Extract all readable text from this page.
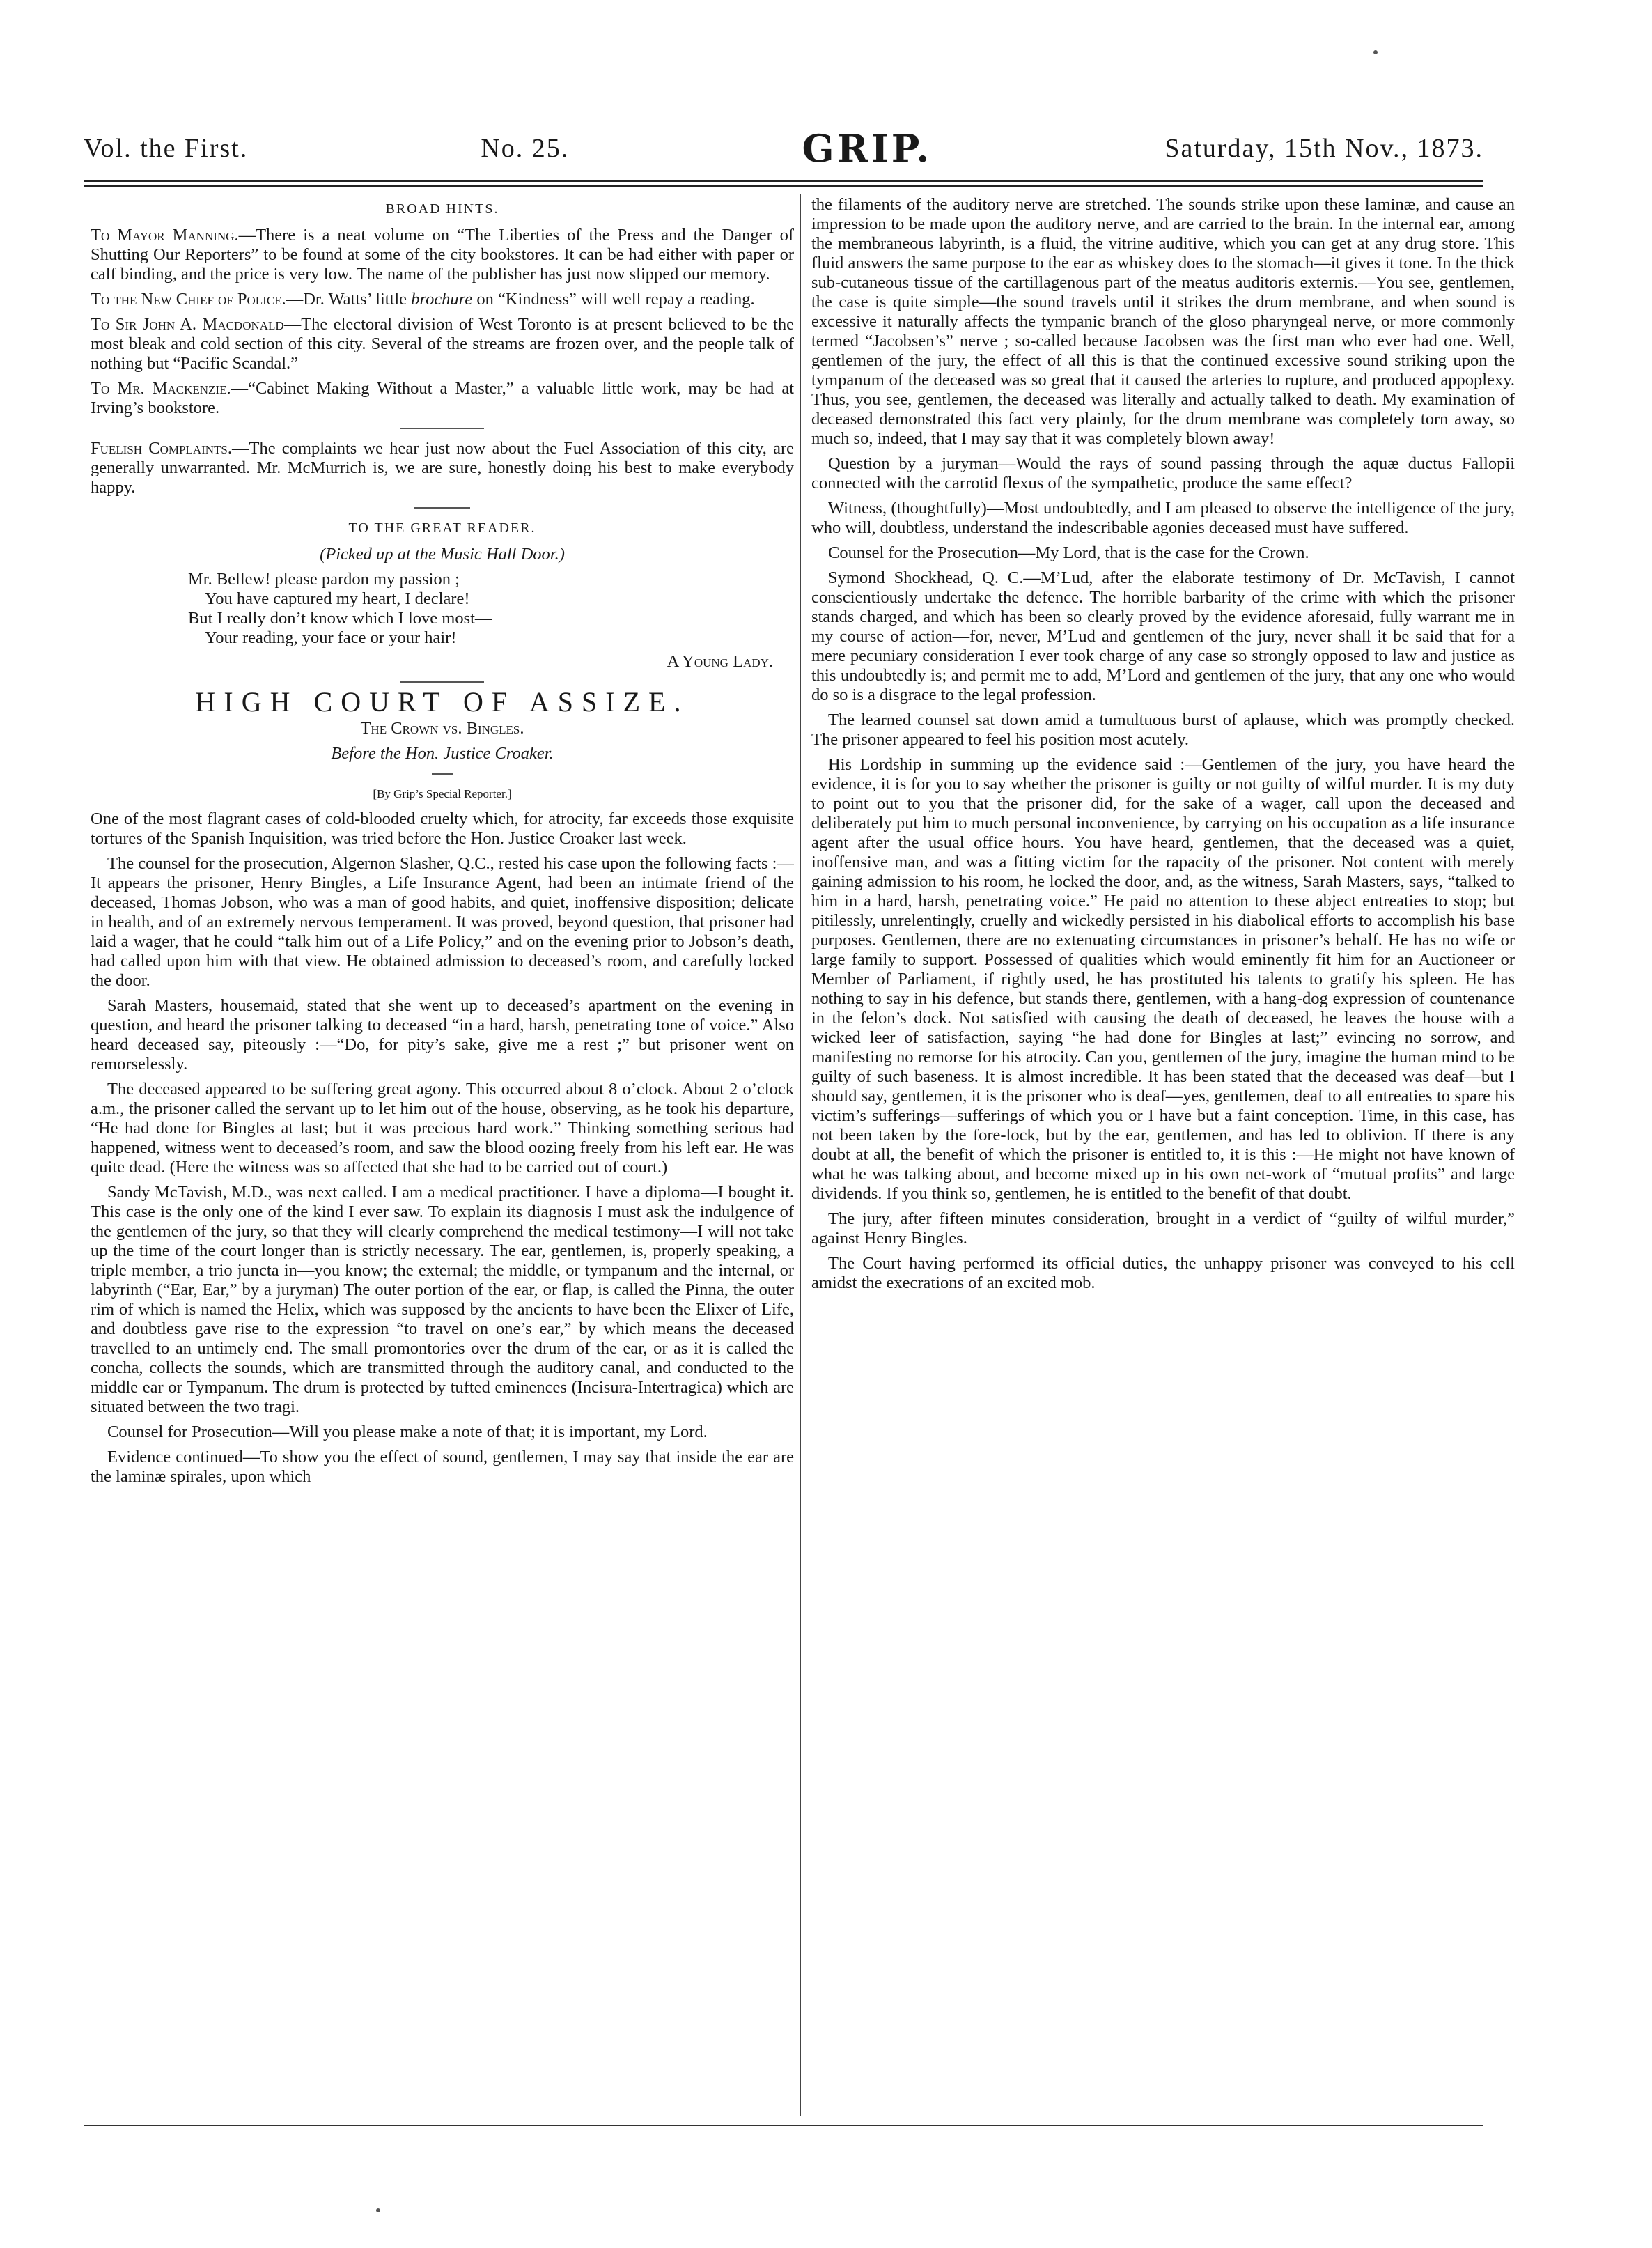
Vol. the First.	No. 25.	GRIP.	Saturday, 15th Nov., 1873.
BROAD HINTS.

To Mayor Manning.—There is a neat volume on “The Liberties of the Press and the Danger of Shutting Our Reporters” to be found at some of the city bookstores. It can be had either with paper or calf binding, and the price is very low. The name of the publisher has just now slipped our memory.

To the New Chief of Police.—Dr. Watts’ little brochure on “Kindness” will well repay a reading.

To Sir John A. Macdonald—The electoral division of West Toronto is at present believed to be the most bleak and cold section of this city. Several of the streams are frozen over, and the people talk of nothing but “Pacific Scandal.”

To Mr. Mackenzie.—“Cabinet Making Without a Master,” a valuable little work, may be had at Irving’s bookstore.

Fuelish Complaints.—The complaints we hear just now about the Fuel Association of this city, are generally unwarranted. Mr. McMurrich is, we are sure, honestly doing his best to make everybody happy.

TO THE GREAT READER.

(Picked up at the Music Hall Door.)

Mr. Bellew! please pardon my passion ;

You have captured my heart, I declare!

But I really don’t know which I love most—

Your reading, your face or your hair!

A Young Lady.

HIGH COURT OF ASSIZE.

The Crown vs. Bingles.

Before the Hon. Justice Croaker.

[By Grip’s Special Reporter.]

One of the most flagrant cases of cold-blooded cruelty which, for atrocity, far exceeds those exquisite tortures of the Spanish Inquisition, was tried before the Hon. Justice Croaker last week.

The counsel for the prosecution, Algernon Slasher, Q.C., rested his case upon the following facts :—It appears the prisoner, Henry Bingles, a Life Insurance Agent, had been an intimate friend of the deceased, Thomas Jobson, who was a man of good habits, and quiet, inoffensive disposition; delicate in health, and of an extremely nervous temperament. It was proved, beyond question, that prisoner had laid a wager, that he could “talk him out of a Life Policy,” and on the evening prior to Jobson’s death, had called upon him with that view. He obtained admission to deceased’s room, and carefully locked the door.

Sarah Masters, housemaid, stated that she went up to deceased’s apartment on the evening in question, and heard the prisoner talking to deceased “in a hard, harsh, penetrating tone of voice.” Also heard deceased say, piteously :—“Do, for pity’s sake, give me a rest ;” but prisoner went on remorselessly.

The deceased appeared to be suffering great agony. This occurred about 8 o’clock. About 2 o’clock a.m., the prisoner called the servant up to let him out of the house, observing, as he took his departure, “He had done for Bingles at last; but it was precious hard work.” Thinking something serious had happened, witness went to deceased’s room, and saw the blood oozing freely from his left ear. He was quite dead. (Here the witness was so affected that she had to be carried out of court.)

Sandy McTavish, M.D., was next called. I am a medical practitioner. I have a diploma—I bought it. This case is the only one of the kind I ever saw. To explain its diagnosis I must ask the indulgence of the gentlemen of the jury, so that they will clearly comprehend the medical testimony—I will not take up the time of the court longer than is strictly necessary. The ear, gentlemen, is, properly speaking, a triple member, a trio juncta in—you know; the external; the middle, or tympanum and the internal, or labyrinth (“Ear, Ear,” by a juryman) The outer portion of the ear, or flap, is called the Pinna, the outer rim of which is named the Helix, which was supposed by the ancients to have been the Elixer of Life, and doubtless gave rise to the expression “to travel on one’s ear,” by which means the deceased travelled to an untimely end. The small promontories over the drum of the ear, or as it is called the concha, collects the sounds, which are transmitted through the auditory canal, and conducted to the middle ear or Tympanum. The drum is protected by tufted eminences (Incisura-Intertragica) which are situated between the two tragi.

Counsel for Prosecution—Will you please make a note of that; it is important, my Lord.

Evidence continued—To show you the effect of sound, gentlemen, I may say that inside the ear are the laminæ spirales, upon which

the filaments of the auditory nerve are stretched. The sounds strike upon these laminæ, and cause an impression to be made upon the auditory nerve, and are carried to the brain. In the internal ear, among the membraneous labyrinth, is a fluid, the vitrine auditive, which you can get at any drug store. This fluid answers the same purpose to the ear as whiskey does to the stomach—it gives it tone. In the thick sub-cutaneous tissue of the cartillagenous part of the meatus auditoris externis.—You see, gentlemen, the case is quite simple—the sound travels until it strikes the drum membrane, and when sound is excessive it naturally affects the tympanic branch of the gloso pharyngeal nerve, or more commonly termed “Jacobsen’s” nerve ; so-called because Jacobsen was the first man who ever had one. Well, gentlemen of the jury, the effect of all this is that the continued excessive sound striking upon the tympanum of the deceased was so great that it caused the arteries to rupture, and produced appoplexy. Thus, you see, gentlemen, the deceased was literally and actually talked to death. My examination of deceased demonstrated this fact very plainly, for the drum membrane was completely torn away, so much so, indeed, that I may say that it was completely blown away!

Question by a juryman—Would the rays of sound passing through the aquæ ductus Fallopii connected with the carrotid flexus of the sympathetic, produce the same effect?

Witness, (thoughtfully)—Most undoubtedly, and I am pleased to observe the intelligence of the jury, who will, doubtless, understand the indescribable agonies deceased must have suffered.

Counsel for the Prosecution—My Lord, that is the case for the Crown.

Symond Shockhead, Q. C.—M’Lud, after the elaborate testimony of Dr. McTavish, I cannot conscientiously undertake the defence. The horrible barbarity of the crime with which the prisoner stands charged, and which has been so clearly proved by the evidence aforesaid, fully warrant me in my course of action—for, never, M’Lud and gentlemen of the jury, never shall it be said that for a mere pecuniary consideration I ever took charge of any case so strongly opposed to law and justice as this undoubtedly is; and permit me to add, M’Lord and gentlemen of the jury, that any one who would do so is a disgrace to the legal profession.

The learned counsel sat down amid a tumultuous burst of aplause, which was promptly checked. The prisoner appeared to feel his position most acutely.

His Lordship in summing up the evidence said :—Gentlemen of the jury, you have heard the evidence, it is for you to say whether the prisoner is guilty or not guilty of wilful murder. It is my duty to point out to you that the prisoner did, for the sake of a wager, call upon the deceased and deliberately put him to much personal inconvenience, by carrying on his occupation as a life insurance agent after the usual office hours. You have heard, gentlemen, that the deceased was a quiet, inoffensive man, and was a fitting victim for the rapacity of the prisoner. Not content with merely gaining admission to his room, he locked the door, and, as the witness, Sarah Masters, says, “talked to him in a hard, harsh, penetrating voice.” He paid no attention to these abject entreaties to stop; but pitilessly, unrelentingly, cruelly and wickedly persisted in his diabolical efforts to accomplish his base purposes. Gentlemen, there are no extenuating circumstances in prisoner’s behalf. He has no wife or large family to support. Possessed of qualities which would eminently fit him for an Auctioneer or Member of Parliament, if rightly used, he has prostituted his talents to gratify his spleen. He has nothing to say in his defence, but stands there, gentlemen, with a hang-dog expression of countenance in the felon’s dock. Not satisfied with causing the death of deceased, he leaves the house with a wicked leer of satisfaction, saying “he had done for Bingles at last;” evincing no sorrow, and manifesting no remorse for his atrocity. Can you, gentlemen of the jury, imagine the human mind to be guilty of such baseness. It is almost incredible. It has been stated that the deceased was deaf—but I should say, gentlemen, it is the prisoner who is deaf—yes, gentlemen, deaf to all entreaties to spare his victim’s sufferings—sufferings of which you or I have but a faint conception. Time, in this case, has not been taken by the fore-lock, but by the ear, gentlemen, and has led to oblivion. If there is any doubt at all, the benefit of which the prisoner is entitled to, it is this :—He might not have known of what he was talking about, and become mixed up in his own net-work of “mutual profits” and large dividends. If you think so, gentlemen, he is entitled to the benefit of that doubt.

The jury, after fifteen minutes consideration, brought in a verdict of “guilty of wilful murder,” against Henry Bingles.

The Court having performed its official duties, the unhappy prisoner was conveyed to his cell amidst the execrations of an excited mob.
